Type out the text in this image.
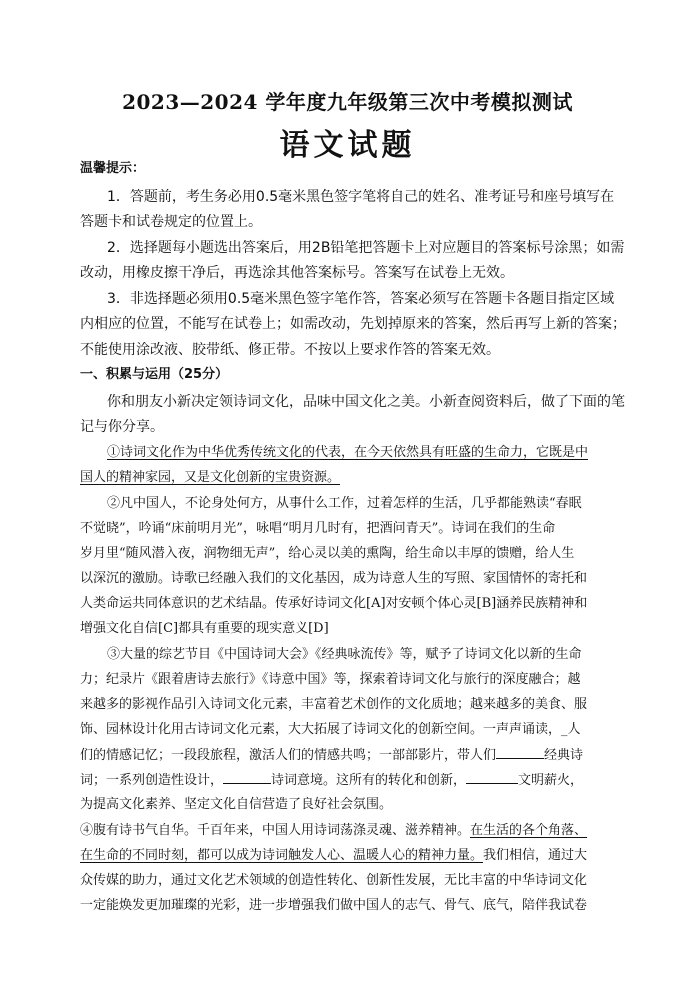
2023—2024 学年度九年级第三次中考模拟测试
语文试题
温馨提示：
1．答题前，考生务必用0.5毫米黑色签字笔将自己的姓名、准考证号和座号填写在
答题卡和试卷规定的位置上。
2．选择题每小题选出答案后，用2B铅笔把答题卡上对应题目的答案标号涂黑；如需
改动，用橡皮擦干净后，再选涂其他答案标号。答案写在试卷上无效。
3．非选择题必须用0.5毫米黑色签字笔作答，答案必须写在答题卡各题目指定区域
内相应的位置，不能写在试卷上；如需改动，先划掉原来的答案，然后再写上新的答案；
不能使用涂改液、胶带纸、修正带。不按以上要求作答的答案无效。
一、积累与运用（25分）
你和朋友小新决定领诗词文化，品味中国文化之美。小新查阅资料后，做了下面的笔
记与你分享。
①诗词文化作为中华优秀传统文化的代表，在今天依然具有旺盛的生命力，它既是中
国人的精神家园，又是文化创新的宝贵资源。
②凡中国人，不论身处何方，从事什么工作，过着怎样的生活，几乎都能熟读“春眠
不觉晓”，吟诵“床前明月光”，咏唱“明月几时有，把酒问青天”。诗词在我们的生命
岁月里“随风潜入夜，润物细无声”，给心灵以美的熏陶，给生命以丰厚的馈赠，给人生
以深沉的激励。诗歌已经融入我们的文化基因，成为诗意人生的写照、家国情怀的寄托和
人类命运共同体意识的艺术结晶。传承好诗词文化[A]对安顿个体心灵[B]涵养民族精神和
增强文化自信[C]都具有重要的现实意义[D]
③大量的综艺节目《中国诗词大会》《经典咏流传》等，赋予了诗词文化以新的生命
力；纪录片《跟着唐诗去旅行》《诗意中国》等，探索着诗词文化与旅行的深度融合；越
来越多的影视作品引入诗词文化元素，丰富着艺术创作的文化质地；越来越多的美食、服
饰、园林设计化用古诗词文化元素，大大拓展了诗词文化的创新空间。一声声诵读，_人
们的情感记忆；一段段旅程，激活人们的情感共鸣；一部部影片，带人们	经典诗
词；一系列创造性设计，	诗词意境。这所有的转化和创新，	文明薪火，
为提高文化素养、坚定文化自信营造了良好社会氛围。
④腹有诗书气自华。千百年来，中国人用诗词荡涤灵魂、滋养精神。在生活的各个角落、
在生命的不同时刻，都可以成为诗词触发人心、温暖人心的精神力量。我们相信，通过大
众传媒的助力，通过文化艺术领域的创造性转化、创新性发展，无比丰富的中华诗词文化
一定能焕发更加璀璨的光彩，进一步增强我们做中国人的志气、骨气、底气，陪伴我试卷
